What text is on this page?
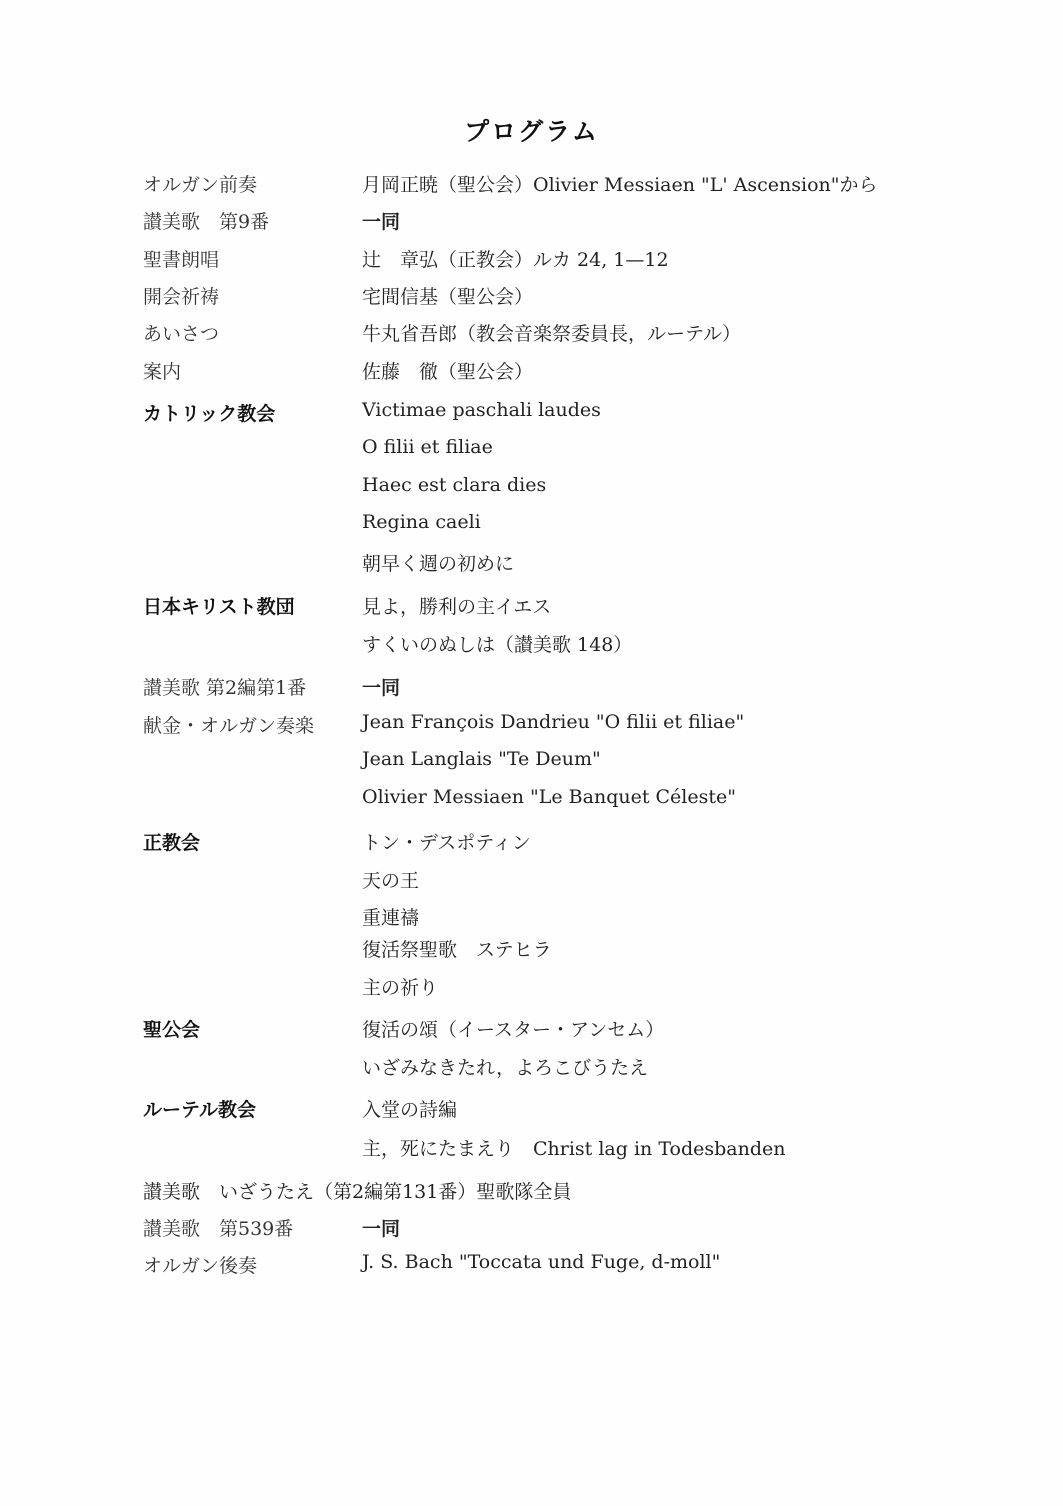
プログラム
オルガン前奏	月岡正暁（聖公会）Olivier Messiaen "L' Ascension"から
讃美歌　第9番	一同
聖書朗唱	辻　章弘（正教会）ルカ 24, 1—12
開会祈祷	宅間信基（聖公会）
あいさつ	牛丸省吾郎（教会音楽祭委員長，ルーテル）
案内	佐藤　徹（聖公会）
カトリック教会	Victimae paschali laudes
O filii et filiae
Haec est clara dies
Regina caeli
朝早く週の初めに
日本キリスト教団	見よ，勝利の主イエス
すくいのぬしは（讃美歌 148）
讃美歌 第2編第1番	一同
献金・オルガン奏楽	Jean François Dandrieu "O filii et filiae"
Jean Langlais "Te Deum"
Olivier Messiaen "Le Banquet Céleste"
正教会	トン・デスポティン
天の王
重連禱
復活祭聖歌　ステヒラ
主の祈り
聖公会	復活の頌（イースター・アンセム）
いざみなきたれ，よろこびうたえ
ルーテル教会	入堂の詩編
主，死にたまえり　Christ lag in Todesbanden
讃美歌　いざうたえ（第2編第131番）聖歌隊全員
讃美歌　第539番	一同
オルガン後奏	J. S. Bach "Toccata und Fuge, d-moll"
